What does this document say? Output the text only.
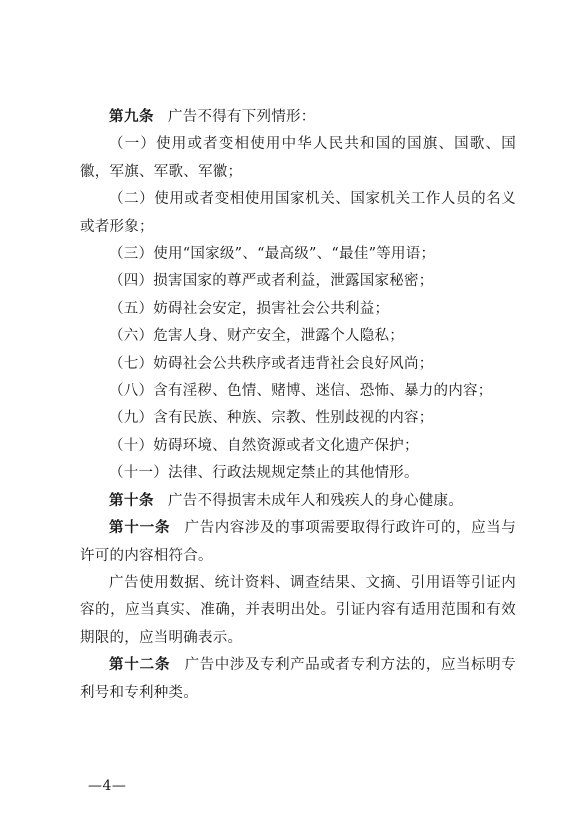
第九条 广告不得有下列情形：

（一）使用或者变相使用中华人民共和国的国旗、国歌、国徽，军旗、军歌、军徽；

（二）使用或者变相使用国家机关、国家机关工作人员的名义或者形象；

（三）使用“国家级”、“最高级”、“最佳”等用语；

（四）损害国家的尊严或者利益，泄露国家秘密；

（五）妨碍社会安定，损害社会公共利益；

（六）危害人身、财产安全，泄露个人隐私；

（七）妨碍社会公共秩序或者违背社会良好风尚；

（八）含有淫秽、色情、赌博、迷信、恐怖、暴力的内容；

（九）含有民族、种族、宗教、性别歧视的内容；

（十）妨碍环境、自然资源或者文化遗产保护；

（十一）法律、行政法规规定禁止的其他情形。

第十条 广告不得损害未成年人和残疾人的身心健康。

第十一条 广告内容涉及的事项需要取得行政许可的，应当与许可的内容相符合。

广告使用数据、统计资料、调查结果、文摘、引用语等引证内容的，应当真实、准确，并表明出处。引证内容有适用范围和有效期限的，应当明确表示。

第十二条 广告中涉及专利产品或者专利方法的，应当标明专利号和专利种类。

—4—
